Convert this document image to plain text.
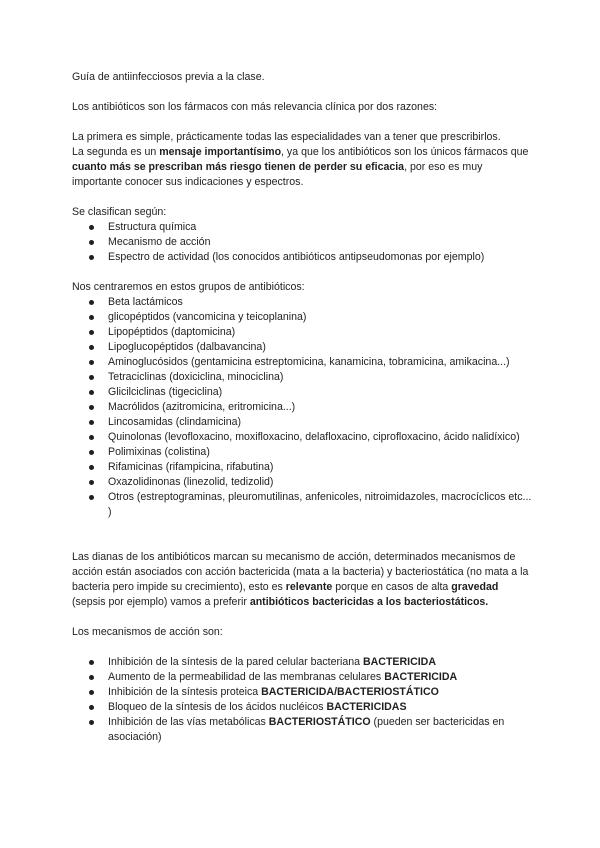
Guía de antiinfecciosos previa a la clase.

Los antibióticos son los fármacos con más relevancia clínica por dos razones:

La primera es simple, prácticamente todas las especialidades van a tener que prescribirlos.
La segunda es un mensaje importantísimo, ya que los antibióticos son los únicos fármacos que cuanto más se prescriban más riesgo tienen de perder su eficacia, por eso es muy importante conocer sus indicaciones y espectros.

Se clasifican según:

Estructura química
Mecanismo de acción
Espectro de actividad (los conocidos antibióticos antipseudomonas por ejemplo)

Nos centraremos en estos grupos de antibióticos:

Beta lactámicos
glicopéptidos (vancomicina y teicoplanina)
Lipopéptidos (daptomicina)
Lipoglucopéptidos (dalbavancina)
Aminoglucósidos (gentamicina estreptomicina, kanamicina, tobramicina, amikacina...)
Tetraciclinas (doxiciclina, minociclina)
Glicilciclinas (tigeciclina)
Macrólidos (azitromicina, eritromicina...)
Lincosamidas (clindamicina)
Quinolonas (levofloxacino, moxifloxacino, delafloxacino, ciprofloxacino, ácido nalidíxico)
Polimixinas (colistina)
Rifamicinas (rifampicina, rifabutina)
Oxazolidinonas (linezolid, tedizolid)
Otros (estreptograminas, pleuromutilinas, anfenicoles, nitroimidazoles, macrocíclicos etc... )

Las dianas de los antibióticos marcan su mecanismo de acción, determinados mecanismos de acción están asociados con acción bactericida (mata a la bacteria) y bacteriostática (no mata a la bacteria pero impide su crecimiento), esto es relevante porque en casos de alta gravedad (sepsis por ejemplo) vamos a preferir antibióticos bactericidas a los bacteriostáticos.

Los mecanismos de acción son:

Inhibición de la síntesis de la pared celular bacteriana BACTERICIDA
Aumento de la permeabilidad de las membranas celulares BACTERICIDA
Inhibición de la síntesis proteica BACTERICIDA/BACTERIOSTÁTICO
Bloqueo de la síntesis de los ácidos nucléicos BACTERICIDAS
Inhibición de las vías metabólicas BACTERIOSTÁTICO (pueden ser bactericidas en asociación)
